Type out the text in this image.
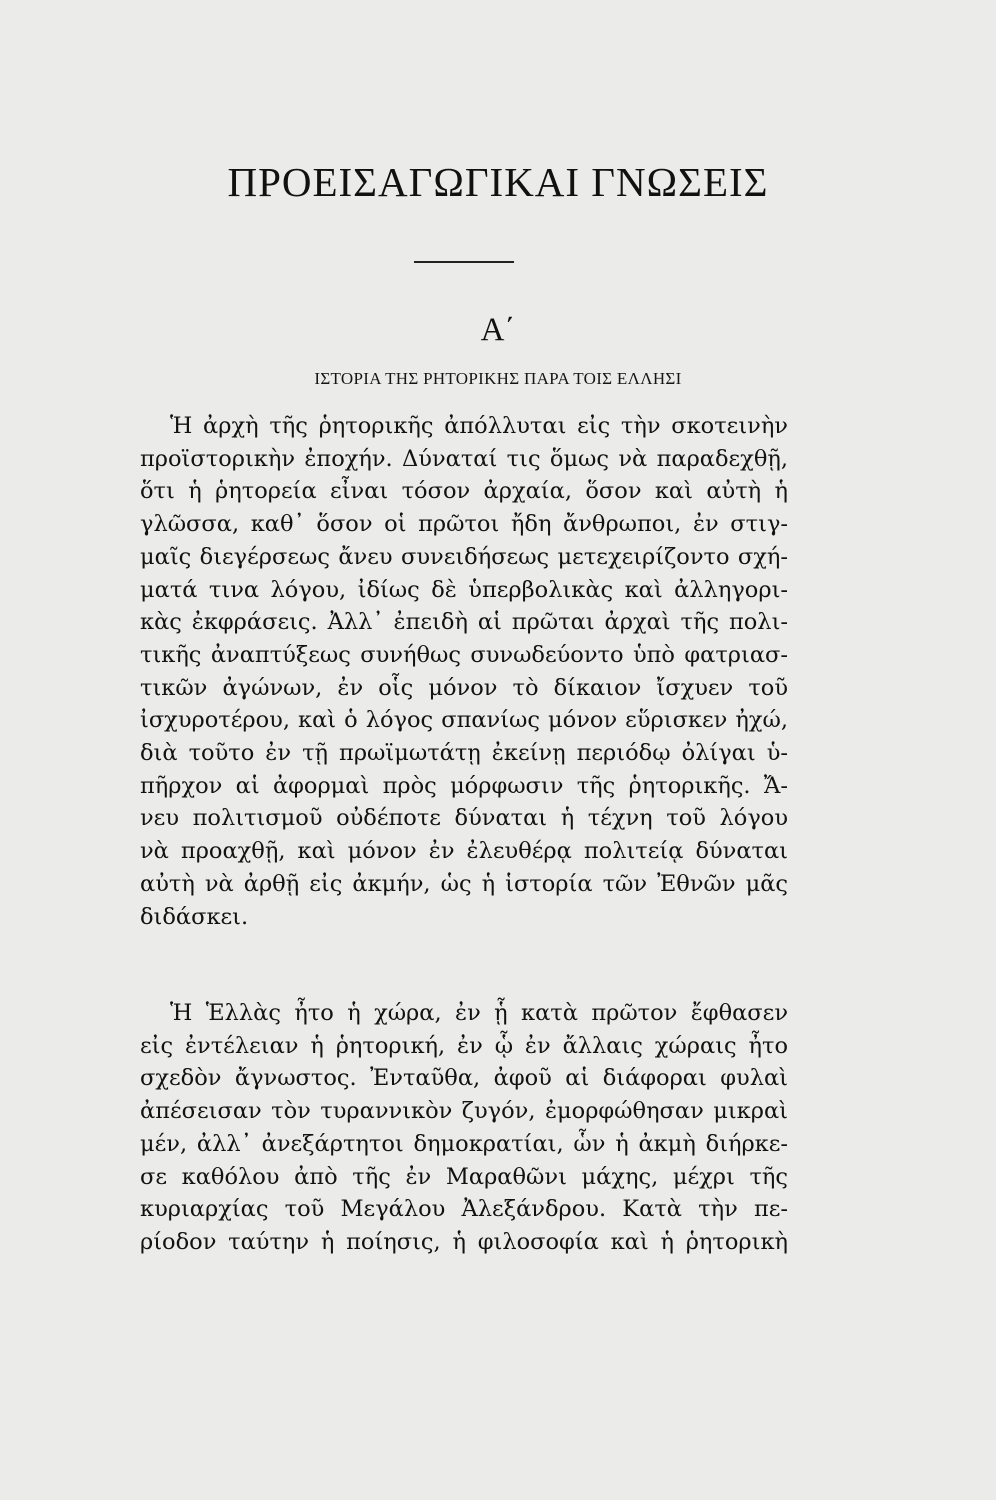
ΠΡΟΕΙΣΑΓΩΓΙΚΑΙ ΓΝΩΣΕΙΣ
Α΄
ΙΣΤΟΡΙΑ ΤΗΣ ΡΗΤΟΡΙΚΗΣ ΠΑΡΑ ΤΟΙΣ ΕΛΛΗΣΙ
Ἡ ἀρχὴ τῆς ῥητορικῆς ἀπόλλυται εἰς τὴν σκοτεινὴν
προϊστορικὴν ἐποχήν. Δύναταί τις ὅμως νὰ παραδεχθῇ,
ὅτι ἡ ῥητορεία εἶναι τόσον ἀρχαία, ὅσον καὶ αὐτὴ ἡ
γλῶσσα, καθ᾽ ὅσον οἱ πρῶτοι ἤδη ἄνθρωποι, ἐν στιγ-
μαῖς διεγέρσεως ἄνευ συνειδήσεως μετεχειρίζοντο σχή-
ματά τινα λόγου, ἰδίως δὲ ὑπερβολικὰς καὶ ἀλληγορι-
κὰς ἐκφράσεις. Ἀλλ᾽ ἐπειδὴ αἱ πρῶται ἀρχαὶ τῆς πολι-
τικῆς ἀναπτύξεως συνήθως συνωδεύοντο ὑπὸ φατριασ-
τικῶν ἀγώνων, ἐν οἷς μόνον τὸ δίκαιον ἴσχυεν τοῦ
ἰσχυροτέρου, καὶ ὁ λόγος σπανίως μόνον εὕρισκεν ἠχώ,
διὰ τοῦτο ἐν τῇ πρωϊμωτάτῃ ἐκείνῃ περιόδῳ ὀλίγαι ὑ-
πῆρχον αἱ ἀφορμαὶ πρὸς μόρφωσιν τῆς ῥητορικῆς. Ἄ-
νευ πολιτισμοῦ οὐδέποτε δύναται ἡ τέχνη τοῦ λόγου
νὰ προαχθῇ, καὶ μόνον ἐν ἐλευθέρᾳ πολιτείᾳ δύναται
αὐτὴ νὰ ἀρθῇ εἰς ἀκμήν, ὡς ἡ ἱστορία τῶν Ἐθνῶν μᾶς
διδάσκει.
Ἡ Ἑλλὰς ἦτο ἡ χώρα, ἐν ᾗ κατὰ πρῶτον ἔφθασεν
εἰς ἐντέλειαν ἡ ῥητορική, ἐν ᾧ ἐν ἄλλαις χώραις ἦτο
σχεδὸν ἄγνωστος. Ἐνταῦθα, ἀφοῦ αἱ διάφοραι φυλαὶ
ἀπέσεισαν τὸν τυραννικὸν ζυγόν, ἐμορφώθησαν μικραὶ
μέν, ἀλλ᾽ ἀνεξάρτητοι δημοκρατίαι, ὧν ἡ ἀκμὴ διήρκε-
σε καθόλου ἀπὸ τῆς ἐν Μαραθῶνι μάχης, μέχρι τῆς
κυριαρχίας τοῦ Μεγάλου Ἀλεξάνδρου. Κατὰ τὴν πε-
ρίοδον ταύτην ἡ ποίησις, ἡ φιλοσοφία καὶ ἡ ῥητορικὴ
